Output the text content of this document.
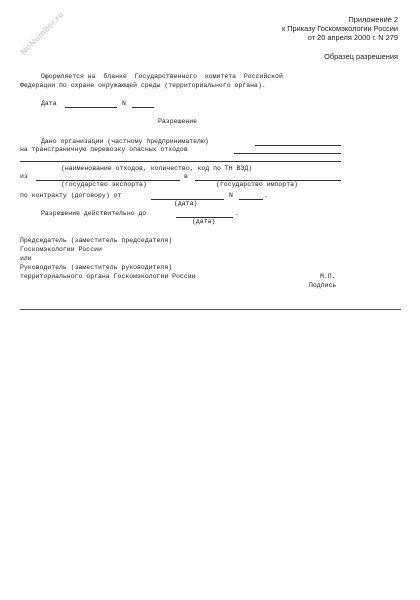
NoNumber.ru	Приложение 2
к Приказу Госкомэкологии России
от 20 апреля 2000 г. N 279
Образец разрешения
Оформляется на  бланке  Государственного  комитета  Российской
Федерации по охране окружающей среды (территориального органа).
Дата	N
Разрешение
Дано организации (частному предпринимателю)
на трансграничную перевозку опасных отходов
(наименование отходов, количество, код по ТН ВЭД)
из	в
(государство экспорта)	(государство импорта)
по контракту (договору) от	N	.
(дата)
Разрешение действительно до	.
(дата)
Председатель (заместитель председателя)
Госкомэкологии России
или
Руководитель (заместитель руководителя)
территориального органа Госкомэкологии России	М.П.
Подпись
